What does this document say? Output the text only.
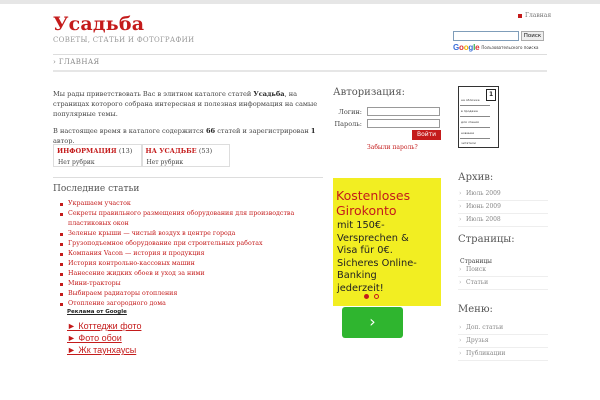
Усадьба
СОВЕТЫ, СТАТЬИ И ФОТОГРАФИИ
Главная
Поиск
Google Пользовательского поиска
› ГЛАВНАЯ

Мы рады приветствовать Вас в элитном каталоге статей Усадьба, на страницах которого собрана интересная и полезная информация на самые популярные темы.

В настоящее время в каталоге содержится 66 статей и зарегистрирован 1 автор.

ИНФОРМАЦИЯ (13)
Нет рубрик
НА УСАДЬБЕ (53)
Нет рубрик
Последние статьи
Украшаем участок
Секреты правильного размещения оборудования для производства пластиковых окон
Зеленые крыши — чистый воздух в центре города
Грузоподъемное оборудование при строительных работах
Компания Vacon — история и продукция
История контрольно-кассовых машин
Нанесение жидких обоев и уход за ними
Мини-тракторы
Выбираем радиаторы отопления
Отопление загородного дома
Реклама от Google
► Коттеджи фото
► Фото обои
► Жк таунхаусы
Авторизация:
Логин:
Пароль:
Войти
Забыли пароль?
Kostenloses
Girokonto
mit 150€-
Versprechen &
Visa für 0€.
Sicheres Online-
Banking
jederzeit!
›
на обложке
в продаже
для чтения
новинки
читатели
1
Архив:
› Июль 2009
› Июнь 2009
› Июль 2008
Страницы:
Страницы
› Поиск
› Статьи
Меню:
› Доп. статьи
› Друзья
› Публикации
